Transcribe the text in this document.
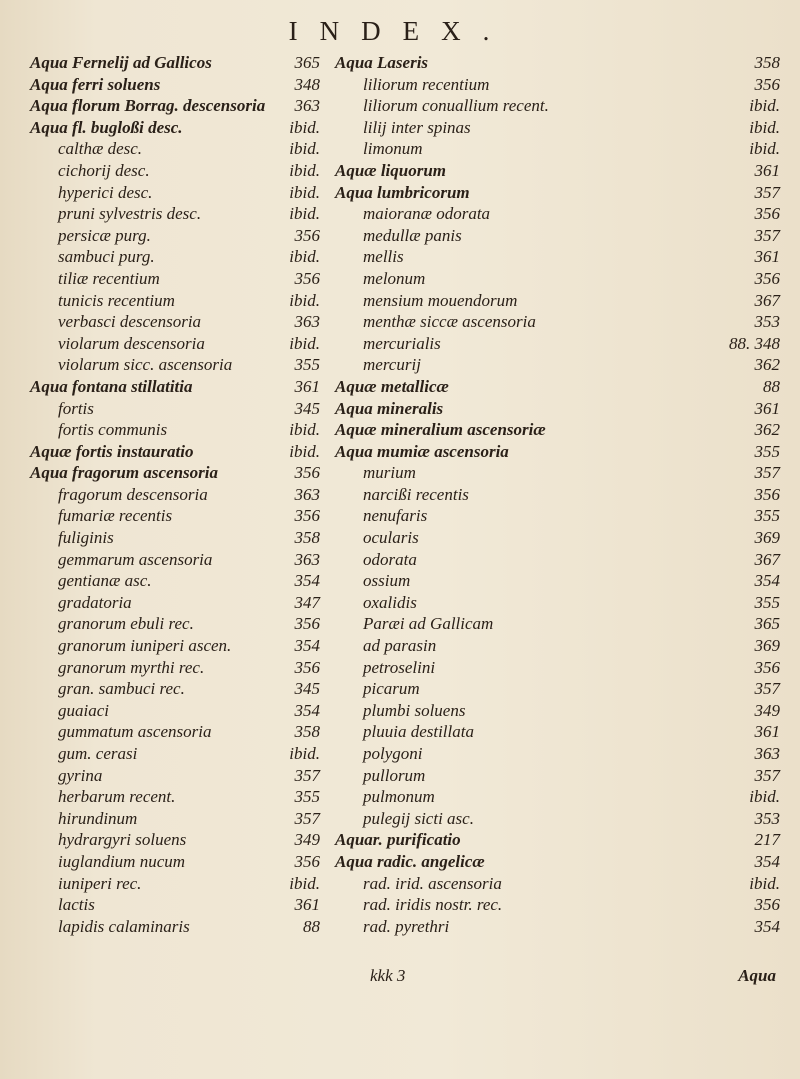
INDEX.
Aqua Fernelij ad Gallicos	365
Aqua ferri soluens	348
Aqua florum Borrag. descensoria 363
Aqua fl. bugloßi desc.	ibid.
calthæ desc.	ibid.
cichorij desc.	ibid.
hyperici desc.	ibid.
pruni sylvestris desc.	ibid.
persicæ purg.	356
sambuci purg.	ibid.
tiliæ recentium	356
tunicis recentium	ibid.
verbasci descensoria	363
violarum descensoria	ibid.
violarum sicc. ascensoria	355
Aqua fontana stillatitia	361
fortis	345
fortis communis	ibid.
Aquæ fortis instauratio	ibid.
Aqua fragorum ascensoria	356
fragorum descensoria	363
fumariæ recentis	356
fuliginis	358
gemmarum ascensoria	363
gentianæ asc.	354
gradatoria	347
granorum ebuli rec.	356
granorum iuniperi ascen.	354
granorum myrthi rec.	356
gran. sambuci rec.	345
guaiaci	354
gummatum ascensoria	358
gum. cerasi	ibid.
gyrina	357
herbarum recent.	355
hirundinum	357
hydrargyri soluens	349
iuglandium nucum	356
iuniperi rec.	ibid.
lactis	361
lapidis calaminaris	88
Aqua Laseris	358
liliorum recentium	356
liliorum conuallium recent.	ibid.
lilij inter spinas	ibid.
limonum	ibid.
Aquæ liquorum	361
Aqua lumbricorum	357
maioranæ odorata	356
medullæ panis	357
mellis	361
melonum	356
mensium mouendorum	367
menthæ siccæ ascensoria	353
mercurialis	88. 348
mercurij	362
Aquæ metallicæ	88
Aqua mineralis	361
Aquæ mineralium ascensoriæ	362
Aqua mumiæ ascensoria	355
murium	357
narcißi recentis	356
nenufaris	355
ocularis	369
odorata	367
ossium	354
oxalidis	355
Paræi ad Gallicam	365
ad parasin	369
petroselini	356
picarum	357
plumbi soluens	349
pluuia destillata	361
polygoni	363
pullorum	357
pulmonum	ibid.
pulegij sicti asc.	353
Aquar. purificatio	217
Aqua radic. angelicæ	354
rad. irid. ascensoria	ibid.
rad. iridis nostr. rec.	356
rad. pyrethri	354
kkk 3	Aqua
